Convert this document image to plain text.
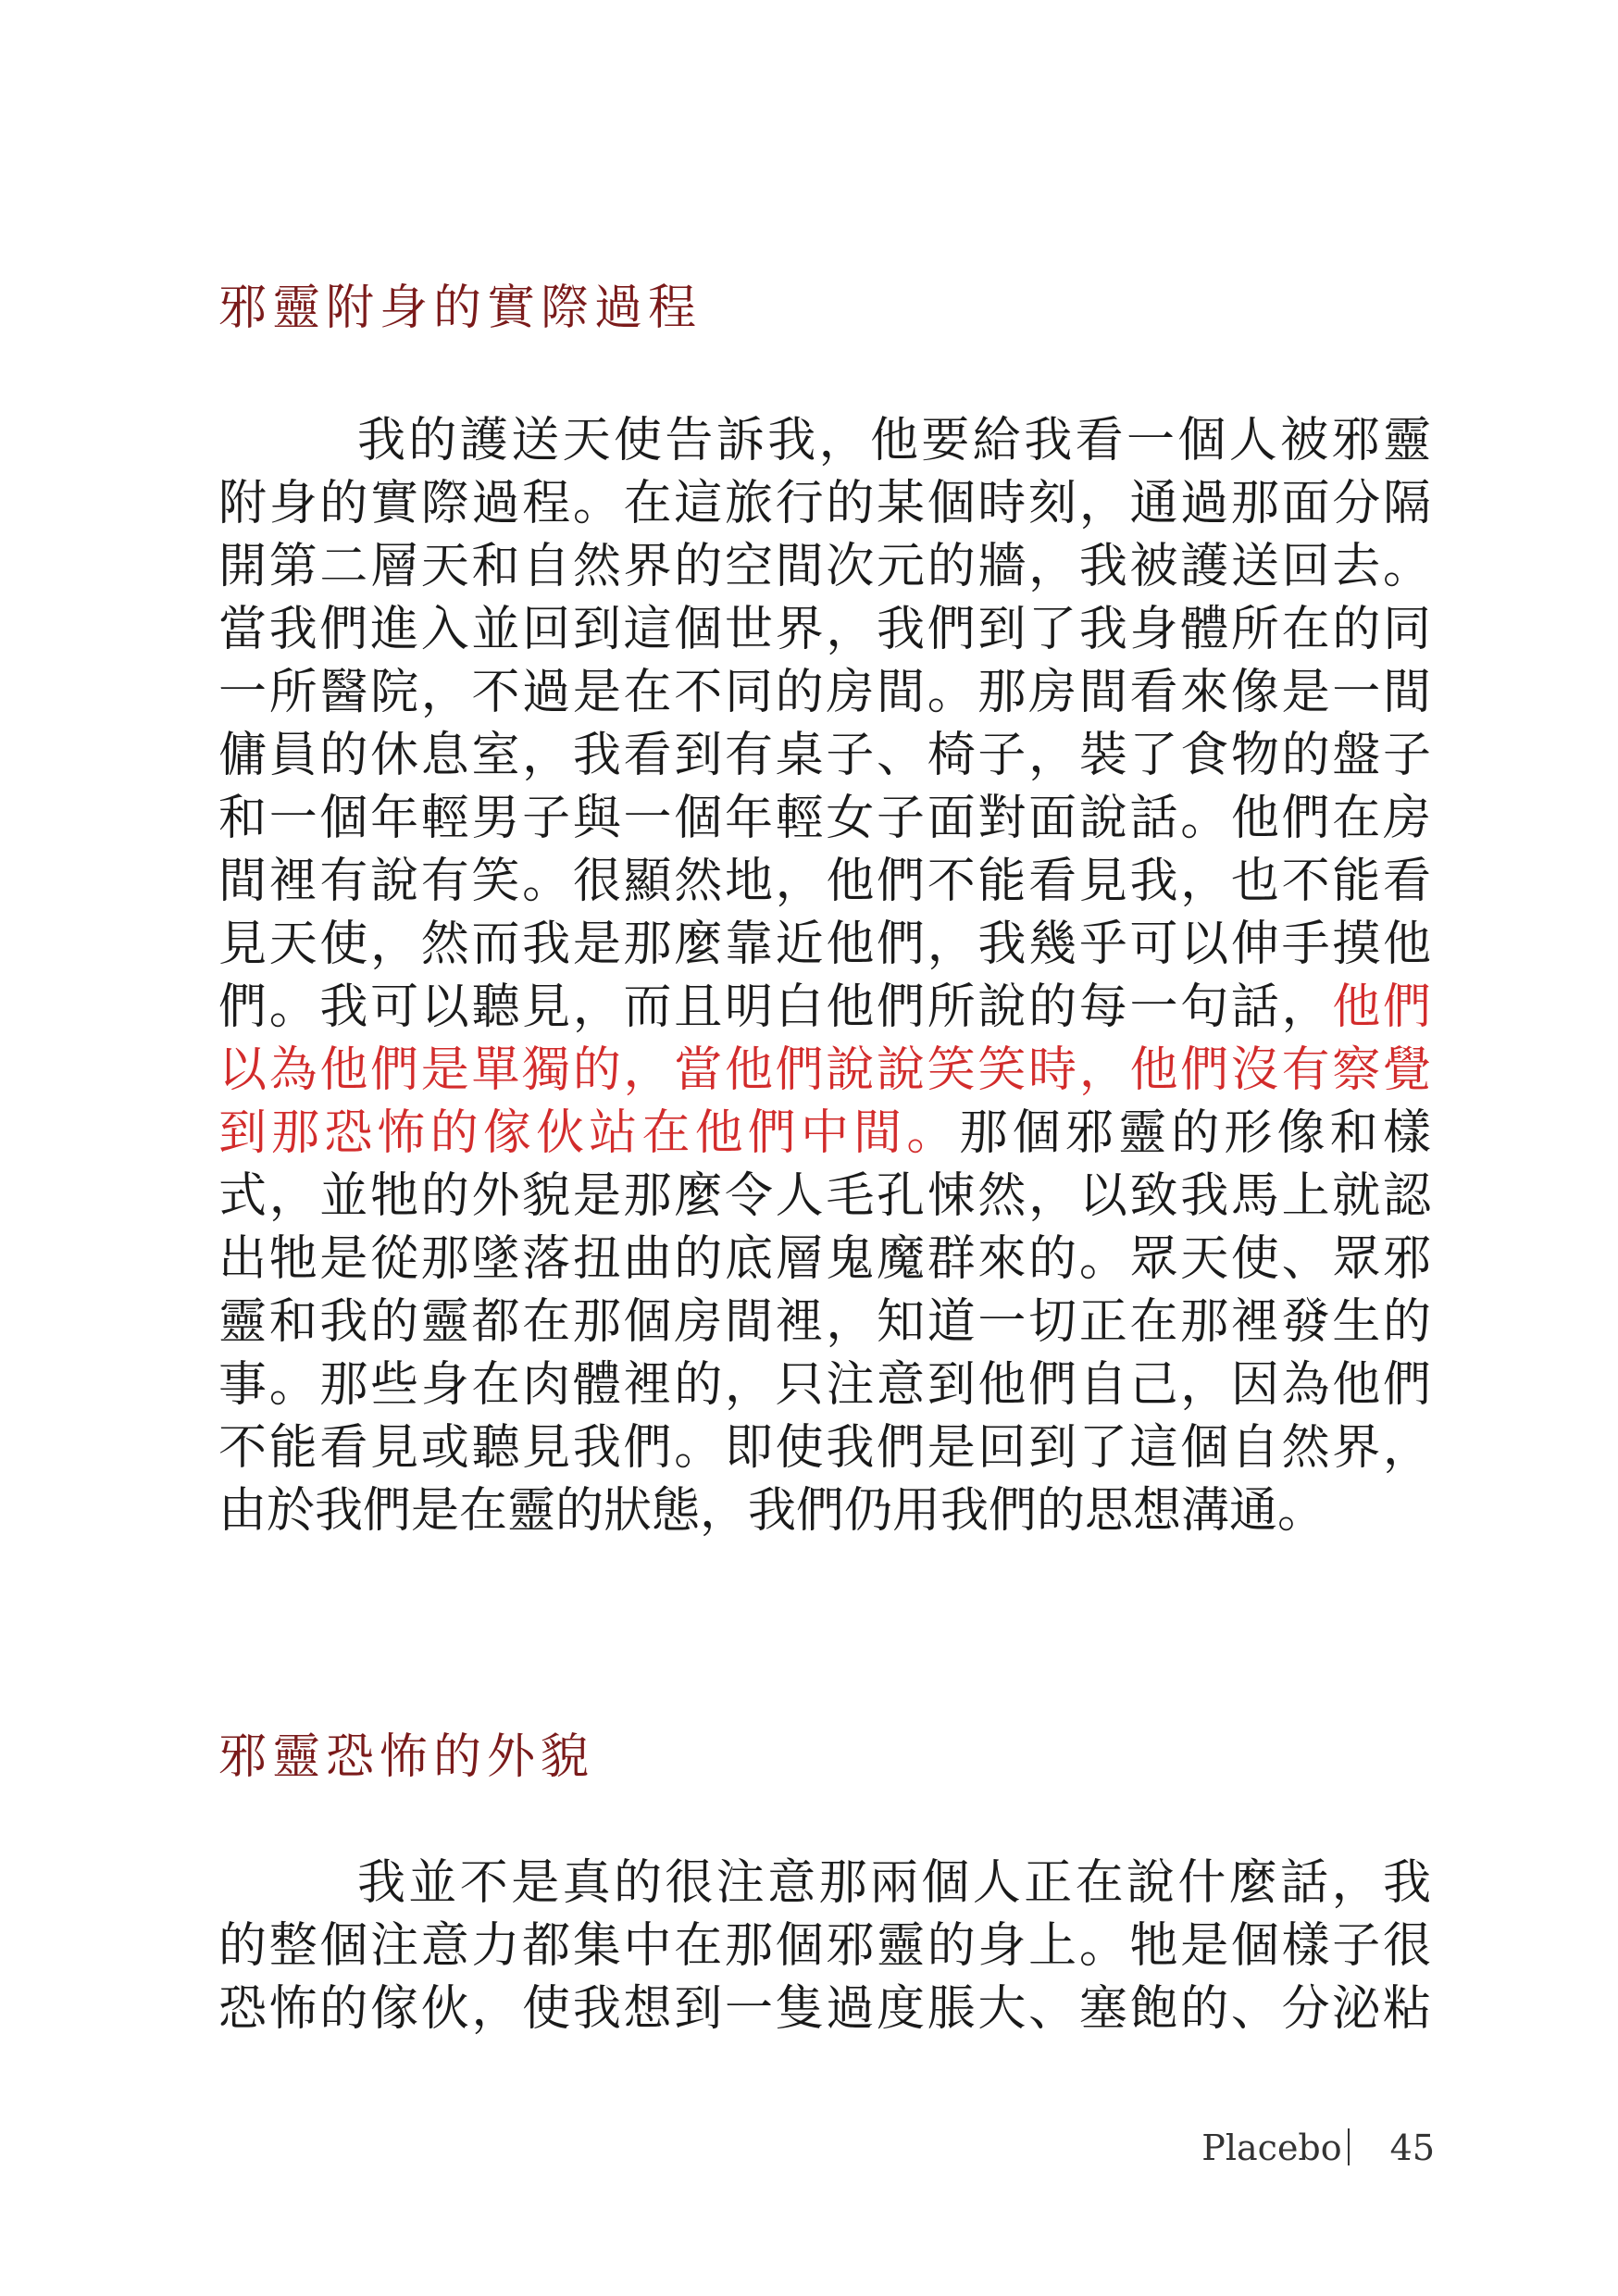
邪靈附身的實際過程
我的護送天使告訴我，他要給我看一個人被邪靈
附身的實際過程。在這旅行的某個時刻，通過那面分隔
開第二層天和自然界的空間次元的牆，我被護送回去。
當我們進入並回到這個世界，我們到了我身體所在的同
一所醫院，不過是在不同的房間。那房間看來像是一間
傭員的休息室，我看到有桌子、椅子，裝了食物的盤子
和一個年輕男子與一個年輕女子面對面說話。他們在房
間裡有說有笑。很顯然地，他們不能看見我，也不能看
見天使，然而我是那麼靠近他們，我幾乎可以伸手摸他
們。我可以聽見，而且明白他們所說的每一句話，他們
以為他們是單獨的，當他們說說笑笑時，他們沒有察覺
到那恐怖的傢伙站在他們中間。那個邪靈的形像和樣
式，並牠的外貌是那麼令人毛孔悚然，以致我馬上就認
出牠是從那墜落扭曲的底層鬼魔群來的。眾天使、眾邪
靈和我的靈都在那個房間裡，知道一切正在那裡發生的
事。那些身在肉體裡的，只注意到他們自己，因為他們
不能看見或聽見我們。即使我們是回到了這個自然界，
由於我們是在靈的狀態，我們仍用我們的思想溝通。
邪靈恐怖的外貌
我並不是真的很注意那兩個人正在說什麼話，我
的整個注意力都集中在那個邪靈的身上。牠是個樣子很
恐怖的傢伙，使我想到一隻過度脹大、塞飽的、分泌粘
Placebo 45
